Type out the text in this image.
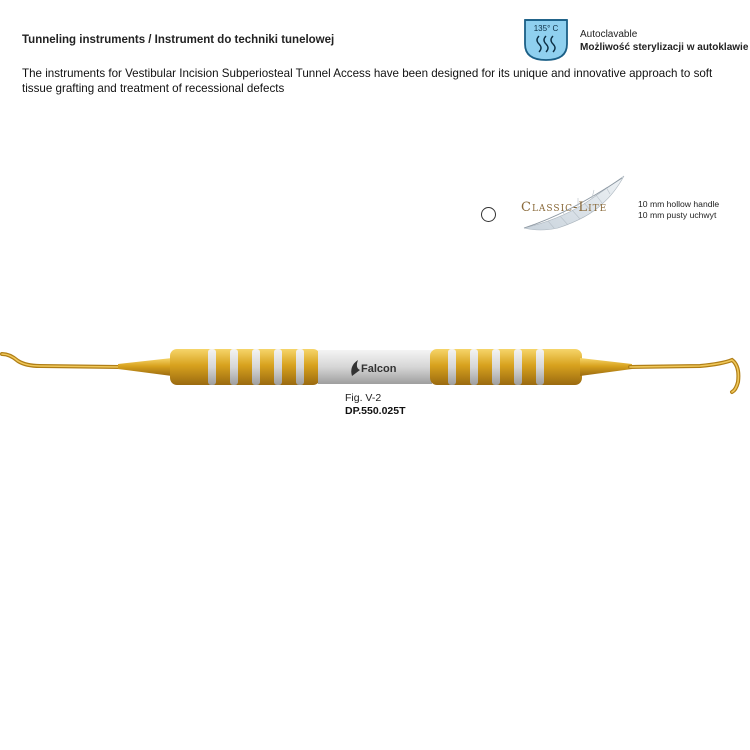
Tunneling instruments / Instrument do techniki tunelowej
The instruments for Vestibular Incision Subperiosteal Tunnel Access have been designed for its unique and innovative approach to soft tissue grafting and treatment of recessional defects
135° C
Autoclavable
Możliwość sterylizacji w autoklawie
Classic-Lite	10 mm hollow handle
10 mm pusty uchwyt
Falcon
Fig. V-2
DP.550.025T
